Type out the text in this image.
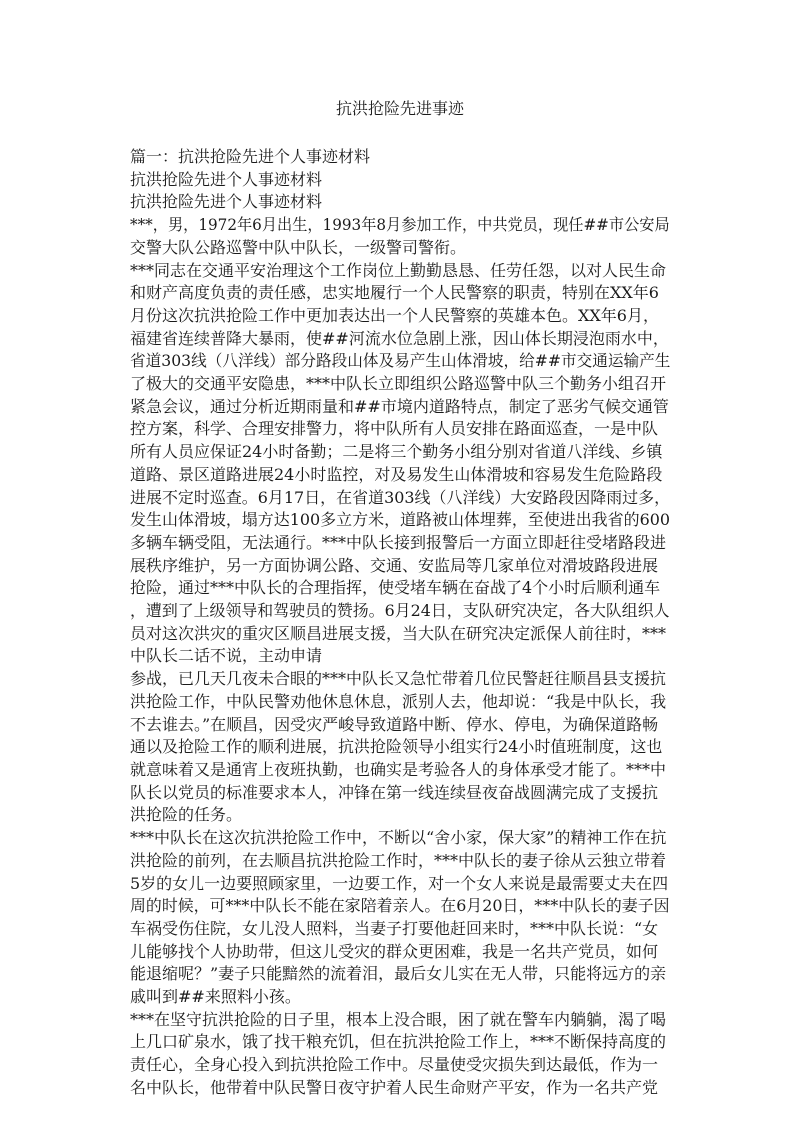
抗洪抢险先进事迹

篇一：抗洪抢险先进个人事迹材料

抗洪抢险先进个人事迹材料

抗洪抢险先进个人事迹材料

***，男，1972年6月出生，1993年8月参加工作，中共党员，现任##市公安局

交警大队公路巡警中队中队长，一级警司警衔。

***同志在交通平安治理这个工作岗位上勤勤恳恳、任劳任怨，以对人民生命

和财产高度负责的责任感，忠实地履行一个人民警察的职责，特别在XX年6

月份这次抗洪抢险工作中更加表达出一个人民警察的英雄本色。XX年6月，

福建省连续普降大暴雨，使##河流水位急剧上涨，因山体长期浸泡雨水中，

省道303线（八洋线）部分路段山体及易产生山体滑坡，给##市交通运输产生

了极大的交通平安隐患，***中队长立即组织公路巡警中队三个勤务小组召开

紧急会议，通过分析近期雨量和##市境内道路特点，制定了恶劣气候交通管

控方案，科学、合理安排警力，将中队所有人员安排在路面巡查，一是中队

所有人员应保证24小时备勤；二是将三个勤务小组分别对省道八洋线、乡镇

道路、景区道路进展24小时监控，对及易发生山体滑坡和容易发生危险路段

进展不定时巡查。6月17日，在省道303线（八洋线）大安路段因降雨过多，

发生山体滑坡，塌方达100多立方米，道路被山体埋葬，至使进出我省的600

多辆车辆受阻，无法通行。***中队长接到报警后一方面立即赶往受堵路段进

展秩序维护，另一方面协调公路、交通、安监局等几家单位对滑坡路段进展

抢险，通过***中队长的合理指挥，使受堵车辆在奋战了4个小时后顺利通车

，遭到了上级领导和驾驶员的赞扬。6月24日，支队研究决定，各大队组织人

员对这次洪灾的重灾区顺昌进展支援，当大队在研究决定派保人前往时，***

中队长二话不说，主动申请

参战，已几天几夜未合眼的***中队长又急忙带着几位民警赶往顺昌县支援抗

洪抢险工作，中队民警劝他休息休息，派别人去，他却说：“我是中队长，我

不去谁去。”在顺昌，因受灾严峻导致道路中断、停水、停电，为确保道路畅

通以及抢险工作的顺利进展，抗洪抢险领导小组实行24小时值班制度，这也

就意味着又是通宵上夜班执勤，也确实是考验各人的身体承受才能了。***中

队长以党员的标准要求本人，冲锋在第一线连续昼夜奋战圆满完成了支援抗

洪抢险的任务。

***中队长在这次抗洪抢险工作中，不断以“舍小家，保大家”的精神工作在抗

洪抢险的前列，在去顺昌抗洪抢险工作时，***中队长的妻子徐从云独立带着

5岁的女儿一边要照顾家里，一边要工作，对一个女人来说是最需要丈夫在四

周的时候，可***中队长不能在家陪着亲人。在6月20日，***中队长的妻子因

车祸受伤住院，女儿没人照料，当妻子打要他赶回来时，***中队长说：“女

儿能够找个人协助带，但这儿受灾的群众更困难，我是一名共产党员，如何

能退缩呢？”妻子只能黯然的流着泪，最后女儿实在无人带，只能将远方的亲

戚叫到##来照料小孩。

***在坚守抗洪抢险的日子里，根本上没合眼，困了就在警车内躺躺，渴了喝

上几口矿泉水，饿了找干粮充饥，但在抗洪抢险工作上，***不断保持高度的

责任心，全身心投入到抗洪抢险工作中。尽量使受灾损失到达最低，作为一

名中队长，他带着中队民警日夜守护着人民生命财产平安，作为一名共产党
